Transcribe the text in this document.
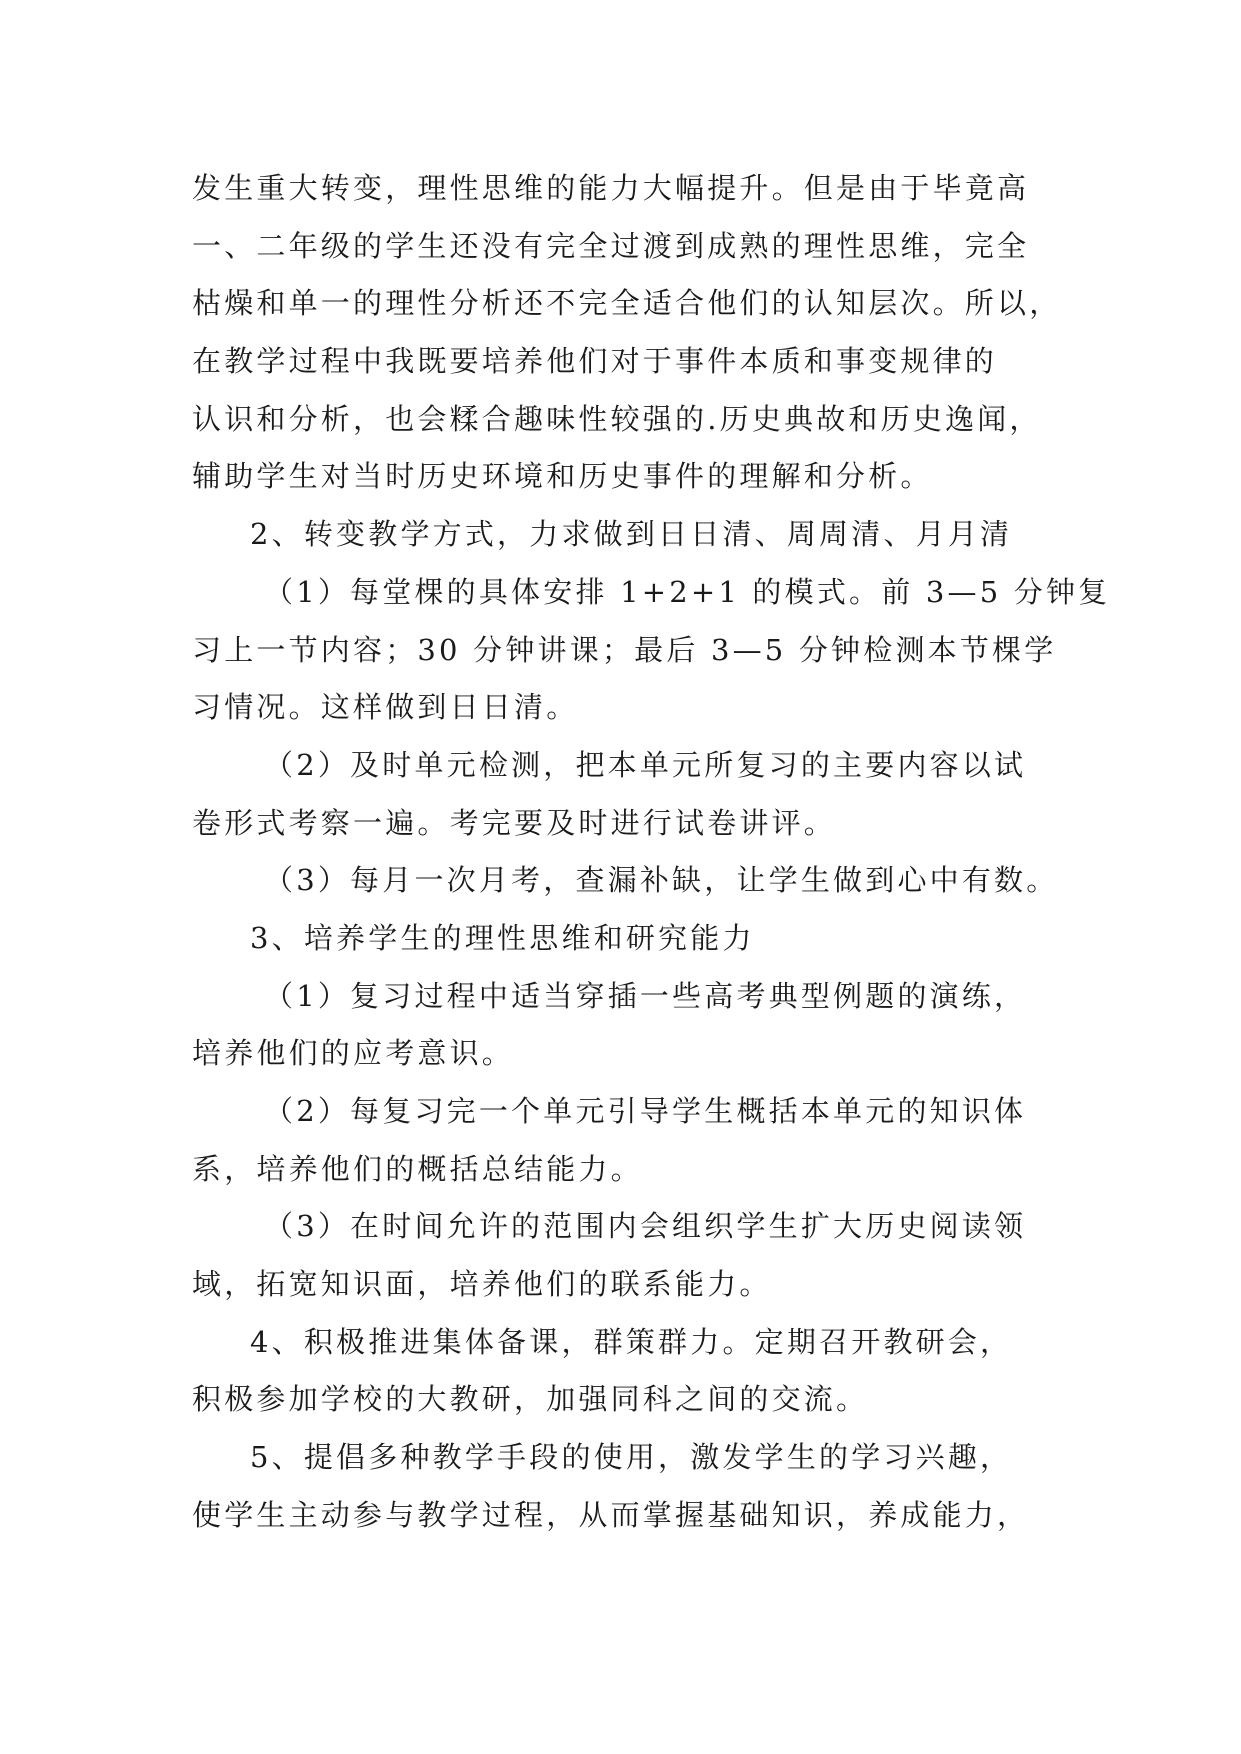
发生重大转变，理性思维的能力大幅提升。但是由于毕竟高
一、二年级的学生还没有完全过渡到成熟的理性思维，完全
枯燥和单一的理性分析还不完全适合他们的认知层次。所以，
在教学过程中我既要培养他们对于事件本质和事变规律的
认识和分析，也会糅合趣味性较强的.历史典故和历史逸闻，
辅助学生对当时历史环境和历史事件的理解和分析。
2、转变教学方式，力求做到日日清、周周清、月月清
（1）每堂棵的具体安排 1+2+1 的模式。前 3—5 分钟复
习上一节内容；30 分钟讲课；最后 3—5 分钟检测本节棵学
习情况。这样做到日日清。
（2）及时单元检测，把本单元所复习的主要内容以试
卷形式考察一遍。考完要及时进行试卷讲评。
（3）每月一次月考，查漏补缺，让学生做到心中有数。
3、培养学生的理性思维和研究能力
（1）复习过程中适当穿插一些高考典型例题的演练，
培养他们的应考意识。
（2）每复习完一个单元引导学生概括本单元的知识体
系，培养他们的概括总结能力。
（3）在时间允许的范围内会组织学生扩大历史阅读领
域，拓宽知识面，培养他们的联系能力。
4、积极推进集体备课，群策群力。定期召开教研会，
积极参加学校的大教研，加强同科之间的交流。
5、提倡多种教学手段的使用，激发学生的学习兴趣，
使学生主动参与教学过程，从而掌握基础知识，养成能力，
